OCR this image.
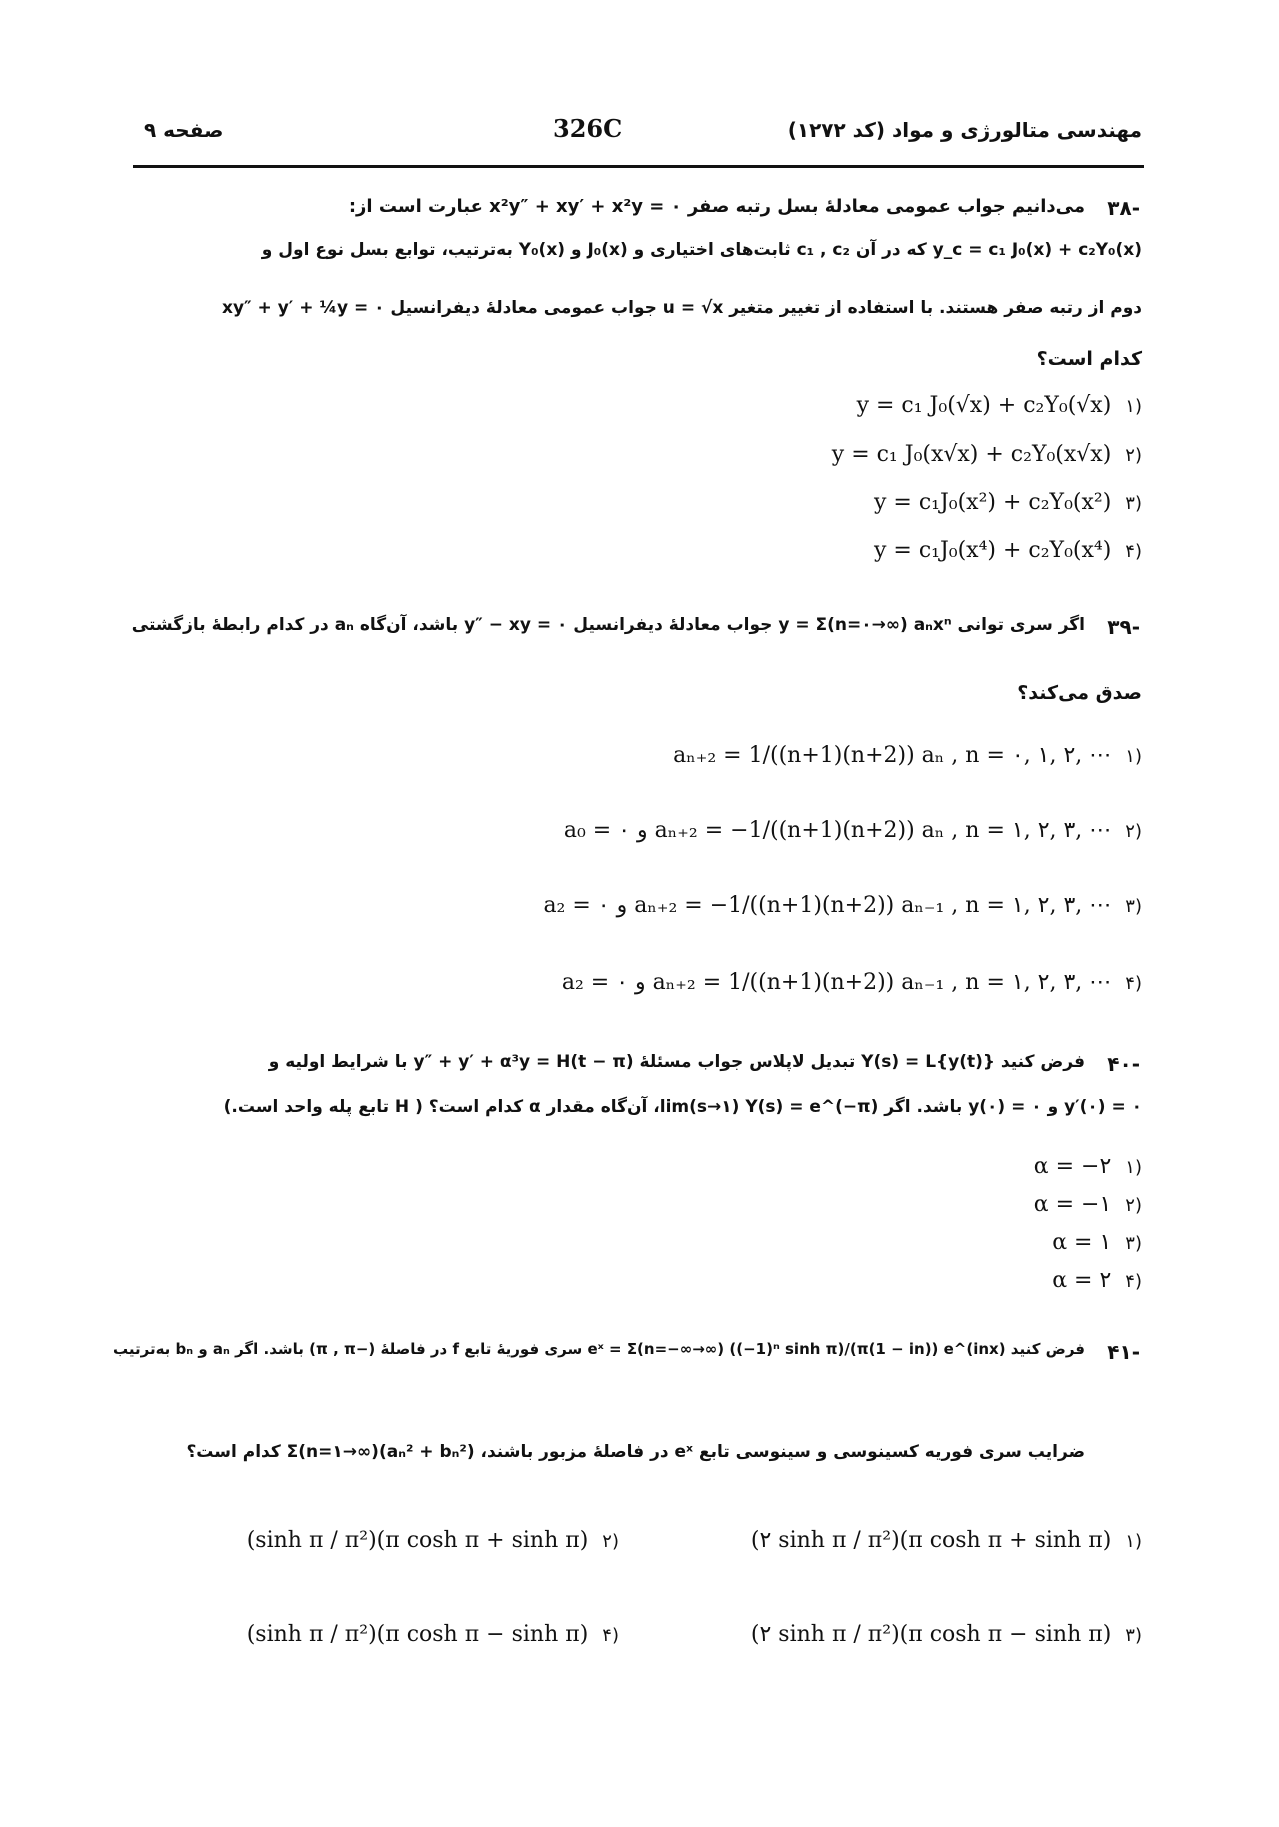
مهندسی متالورژی و مواد (کد ۱۲۷۲)
326C
صفحه ۹
-۳۸
می‌دانیم جواب عمومی معادلهٔ بسل رتبه صفر x²y″ + xy′ + x²y = ۰ عبارت است از:
y_c = c₁ J₀(x) + c₂Y₀(x) که در آن c₁ , c₂ ثابت‌های اختیاری و J₀(x) و Y₀(x) به‌ترتیب، توابع بسل نوع اول و
دوم از رتبه صفر هستند. با استفاده از تغییر متغیر u = √x جواب عمومی معادلهٔ دیفرانسیل xy″ + y′ + ¼y = ۰
کدام است؟
(۱y = c₁ J₀(√x) + c₂Y₀(√x)
(۲y = c₁ J₀(x√x) + c₂Y₀(x√x)
(۳y = c₁J₀(x²) + c₂Y₀(x²)
(۴y = c₁J₀(x⁴) + c₂Y₀(x⁴)
-۳۹
اگر سری توانی y = Σ(n=۰→∞) aₙxⁿ جواب معادلهٔ دیفرانسیل y″ − xy = ۰ باشد، آن‌گاه aₙ در کدام رابطهٔ بازگشتی
صدق می‌کند؟
(۱aₙ₊₂ = 1/((n+1)(n+2)) aₙ , n = ۰, ۱, ۲, ⋯
(۲a₀ = ۰ و aₙ₊₂ = −1/((n+1)(n+2)) aₙ , n = ۱, ۲, ۳, ⋯
(۳a₂ = ۰ و aₙ₊₂ = −1/((n+1)(n+2)) aₙ₋₁ , n = ۱, ۲, ۳, ⋯
(۴a₂ = ۰ و aₙ₊₂ = 1/((n+1)(n+2)) aₙ₋₁ , n = ۱, ۲, ۳, ⋯
-۴۰
فرض کنید Y(s) = L{y(t)} تبدیل لاپلاس جواب مسئلهٔ y″ + y′ + α³y = H(t − π) با شرایط اولیه و
y′(۰) = ۰ و y(۰) = ۰ باشد. اگر lim(s→۱) Y(s) = e^(−π)، آن‌گاه مقدار α کدام است؟ ( H تابع پله واحد است.)
(۱α = −۲
(۲α = −۱
(۳α = ۱
(۴α = ۲
-۴۱
فرض کنید eˣ = Σ(n=−∞→∞) ((−1)ⁿ sinh π)/(π(1 − in)) e^(inx) سری فوریهٔ تابع f در فاصلهٔ (−π , π) باشد. اگر aₙ و bₙ به‌ترتیب
ضرایب سری فوریه کسینوسی و سینوسی تابع eˣ در فاصلهٔ مزبور باشند، Σ(n=۱→∞)(aₙ² + bₙ²) کدام است؟
(۱(۲ sinh π / π²)(π cosh π + sinh π)
(۲(sinh π / π²)(π cosh π + sinh π)
(۳(۲ sinh π / π²)(π cosh π − sinh π)
(۴(sinh π / π²)(π cosh π − sinh π)
